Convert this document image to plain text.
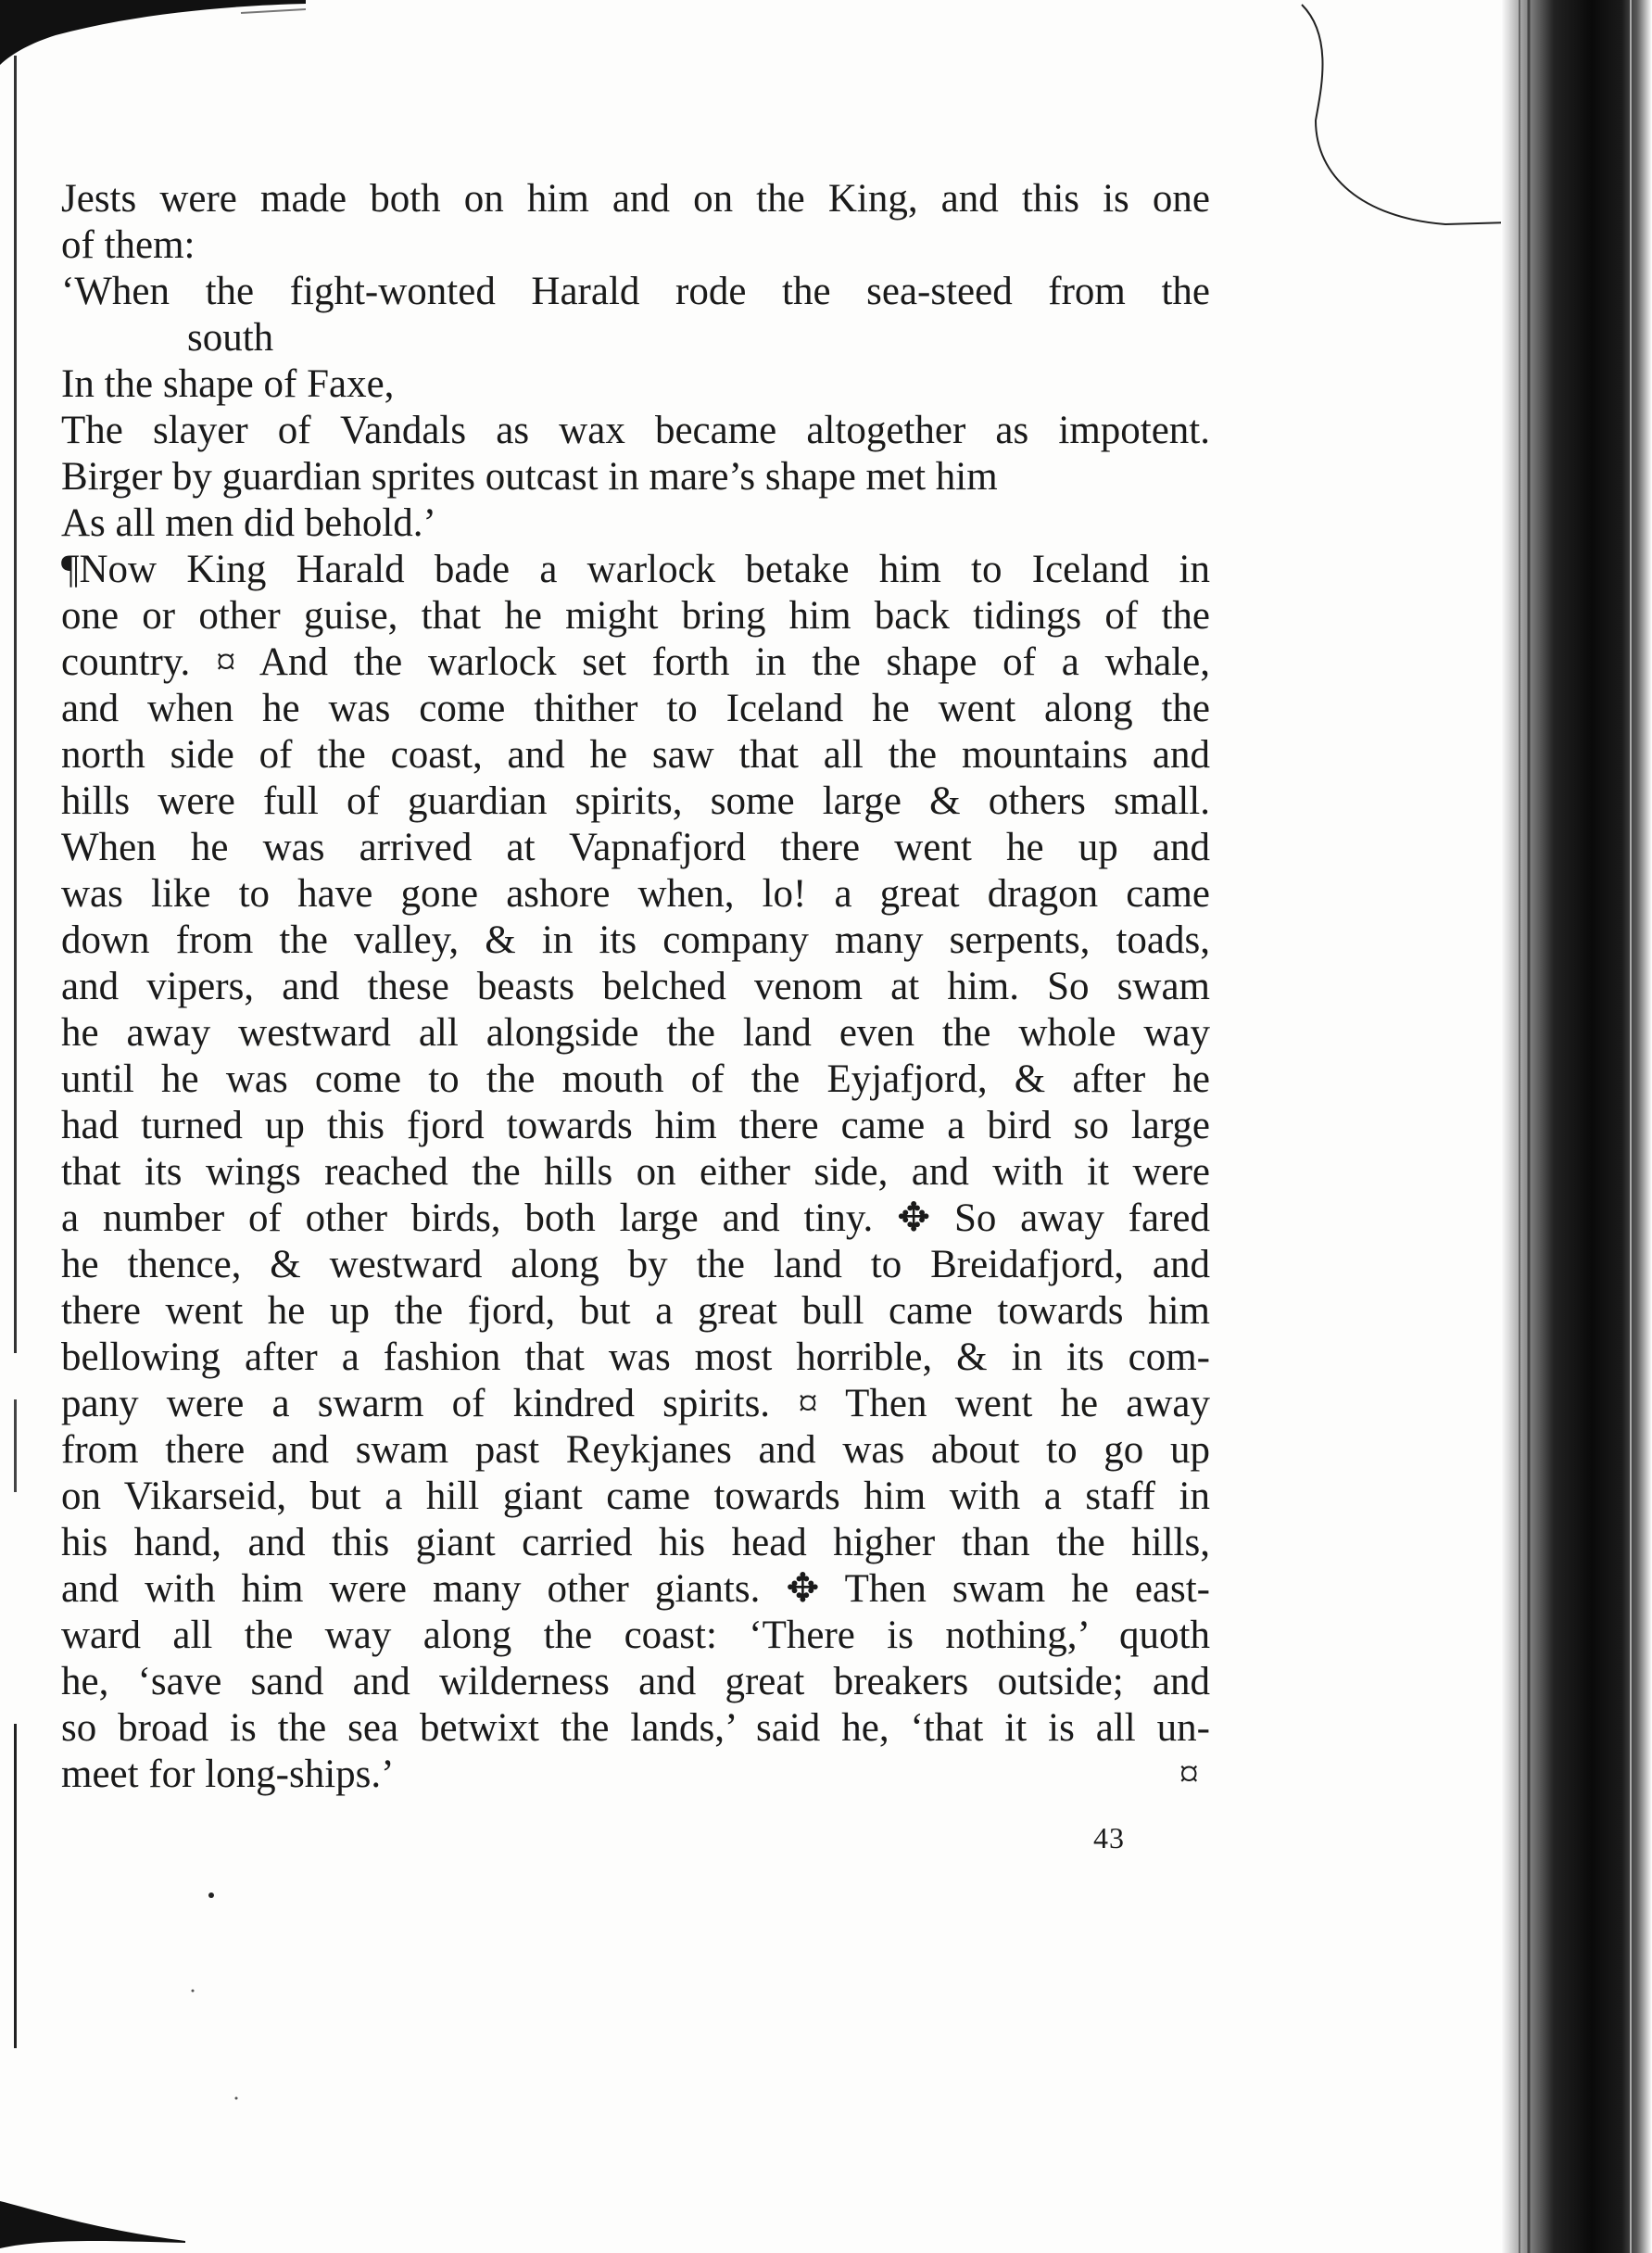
Jests were made both on him and on the King, and this is one
of them:
‘When the fight-wonted Harald rode the sea-steed from the
south
In the shape of Faxe,
The slayer of Vandals as wax became altogether as impotent.
Birger by guardian sprites outcast in mare’s shape met him
As all men did behold.’
¶Now King Harald bade a warlock betake him to Iceland in
one or other guise, that he might bring him back tidings of the
country. ¤ And the warlock set forth in the shape of a whale,
and when he was come thither to Iceland he went along the
north side of the coast, and he saw that all the mountains and
hills were full of guardian spirits, some large & others small.
When he was arrived at Vapnafjord there went he up and
was like to have gone ashore when, lo! a great dragon came
down from the valley, & in its company many serpents, toads,
and vipers, and these beasts belched venom at him. So swam
he away westward all alongside the land even the whole way
until he was come to the mouth of the Eyjafjord, & after he
had turned up this fjord towards him there came a bird so large
that its wings reached the hills on either side, and with it were
a number of other birds, both large and tiny. ✥ So away fared
he thence, & westward along by the land to Breidafjord, and
there went he up the fjord, but a great bull came towards him
bellowing after a fashion that was most horrible, & in its com-
pany were a swarm of kindred spirits. ¤ Then went he away
from there and swam past Reykjanes and was about to go up
on Vikarseid, but a hill giant came towards him with a staff in
his hand, and this giant carried his head higher than the hills,
and with him were many other giants. ✥ Then swam he east-
ward all the way along the coast: ‘There is nothing,’ quoth
he, ‘save sand and wilderness and great breakers outside; and
so broad is the sea betwixt the lands,’ said he, ‘that it is all un-
meet for long-ships.’	¤
43
